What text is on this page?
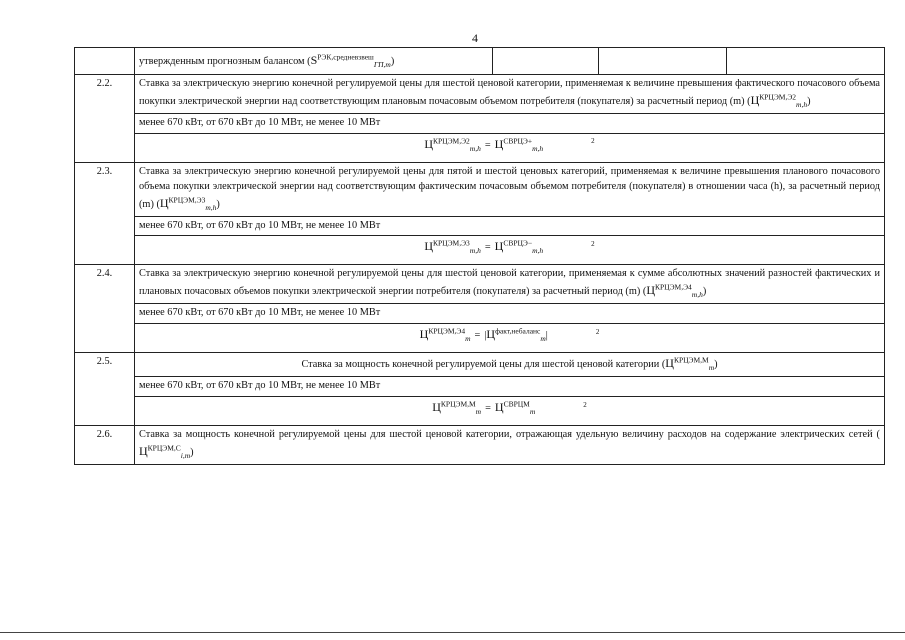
4
	утвержденным прогнозным балансом $(S^{РЭК,средневзвеш}_{ГП,m})$			
2.2.	Ставка за электрическую энергию конечной регулируемой цены для шестой ценовой категории, применяемая к величине превышения фактического почасового объема покупки электрической энергии над соответствующим плановым почасовым объемом потребителя (покупателя) за расчетный период (m) $(Ц^{КРЦЭМ,Э2}_{m,h})$			
	менее 670 кВт, от 670 кВт до 10 МВт, не менее 10 МВт			
	$Ц^{КРЦЭМ,Э2}_{m,h} = Ц^{СВРЦЭ+}_{m,h}^2$
2.3.	Ставка за электрическую энергию конечной регулируемой цены для пятой и шестой ценовых категорий, применяемая к величине превышения планового почасового объема покупки электрической энергии над соответствующим фактическим почасовым объемом потребителя (покупателя) в отношении часа (h), за расчетный период (m) $(Ц^{КРЦЭМ,Э3}_{m,h})$			
	менее 670 кВт, от 670 кВт до 10 МВт, не менее 10 МВт			
	$Ц^{КРЦЭМ,Э3}_{m,h} = Ц^{СВРЦЭ-}_{m,h}^2$
2.4.	Ставка за электрическую энергию конечной регулируемой цены для шестой ценовой категории, применяемая к сумме абсолютных значений разностей фактических и плановых почасовых объемов покупки электрической энергии потребителя (покупателя) за расчетный период (m) $(Ц^{КРЦЭМ,Э4}_{m,h})$			
	менее 670 кВт, от 670 кВт до 10 МВт, не менее 10 МВт			
	$Ц^{КРЦЭМ,Э4}_m = |Ц^{факт,небаланс}_m|$ $^2$
2.5.	Ставка за мощность конечной регулируемой цены для шестой ценовой категории $(Ц^{КРЦЭМ,М}_m)$			
	менее 670 кВт, от 670 кВт до 10 МВт, не менее 10 МВт			
	$Ц^{КРЦЭМ,М}_m = Ц^{СВРЦМ}_m^2$
2.6.	Ставка за мощность конечной регулируемой цены для шестой ценовой категории, отражающая удельную величину расходов на содержание электрических сетей $(Ц^{КРЦЭМ,С}_{i,m})$			
